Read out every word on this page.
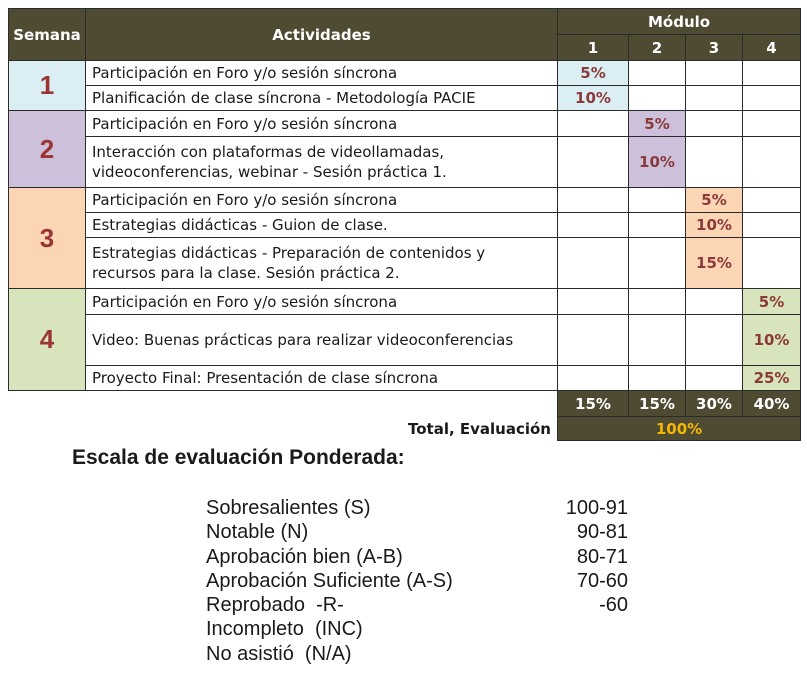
Semana	Actividades	Módulo			
		1	2	3	4
1	Participación en Foro y/o sesión síncrona	5%			
	Planificación de clase síncrona - Metodología PACIE	10%			
2	Participación en Foro y/o sesión síncrona		5%		
	Interacción con plataformas de videollamadas, videoconferencias, webinar - Sesión práctica 1.		10%		
3	Participación en Foro y/o sesión síncrona			5%	
	Estrategias didácticas - Guion de clase.			10%	
	Estrategias didácticas - Preparación de contenidos y recursos para la clase. Sesión práctica 2.			15%	
4	Participación en Foro y/o sesión síncrona				5%
	Video: Buenas prácticas para realizar videoconferencias				10%
	Proyecto Final: Presentación de clase síncrona				25%
		15%	15%	30%	40%
	Total, Evaluación	100%			
Escala de evaluación Ponderada:
Sobresalientes (S)	100-91
Notable (N)	90-81
Aprobación bien (A-B)	80-71
Aprobación Suficiente (A-S)	70-60
Reprobado  -R-	-60
Incompleto  (INC)
No asistió  (N/A)
